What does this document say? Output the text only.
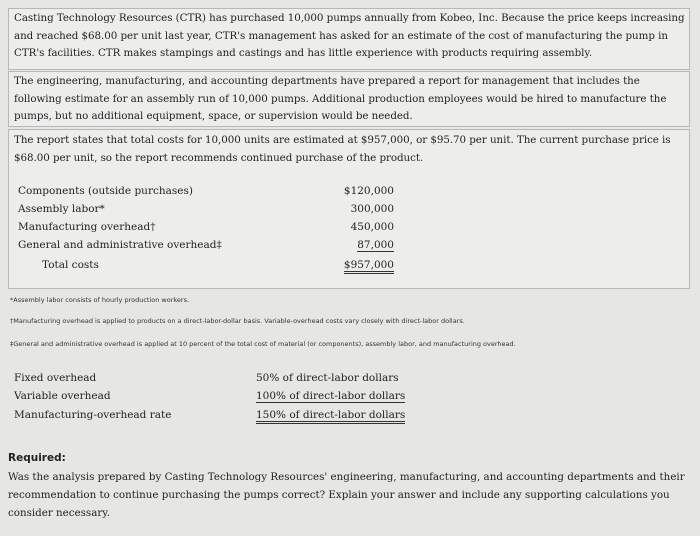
Casting Technology Resources (CTR) has purchased 10,000 pumps annually from Kobeo, Inc. Because the price keeps increasing and reached $68.00 per unit last year, CTR's management has asked for an estimate of the cost of manufacturing the pump in CTR's facilities. CTR makes stampings and castings and has little experience with products requiring assembly.
The engineering, manufacturing, and accounting departments have prepared a report for management that includes the following estimate for an assembly run of 10,000 pumps. Additional production employees would be hired to manufacture the pumps, but no additional equipment, space, or supervision would be needed.
The report states that total costs for 10,000 units are estimated at $957,000, or $95.70 per unit. The current purchase price is $68.00 per unit, so the report recommends continued purchase of the product.
Components (outside purchases)	$120,000
Assembly labor*	300,000
Manufacturing overhead†	450,000
General and administrative overhead‡	87,000
Total costs	$957,000
*Assembly labor consists of hourly production workers.
†Manufacturing overhead is applied to products on a direct-labor-dollar basis. Variable-overhead costs vary closely with direct-labor dollars.
‡General and administrative overhead is applied at 10 percent of the total cost of material (or components), assembly labor, and manufacturing overhead.
Fixed overhead	50% of direct-labor dollars
Variable overhead	100% of direct-labor dollars
Manufacturing-overhead rate	150% of direct-labor dollars
Required:
Was the analysis prepared by Casting Technology Resources' engineering, manufacturing, and accounting departments and their recommendation to continue purchasing the pumps correct? Explain your answer and include any supporting calculations you consider necessary.
